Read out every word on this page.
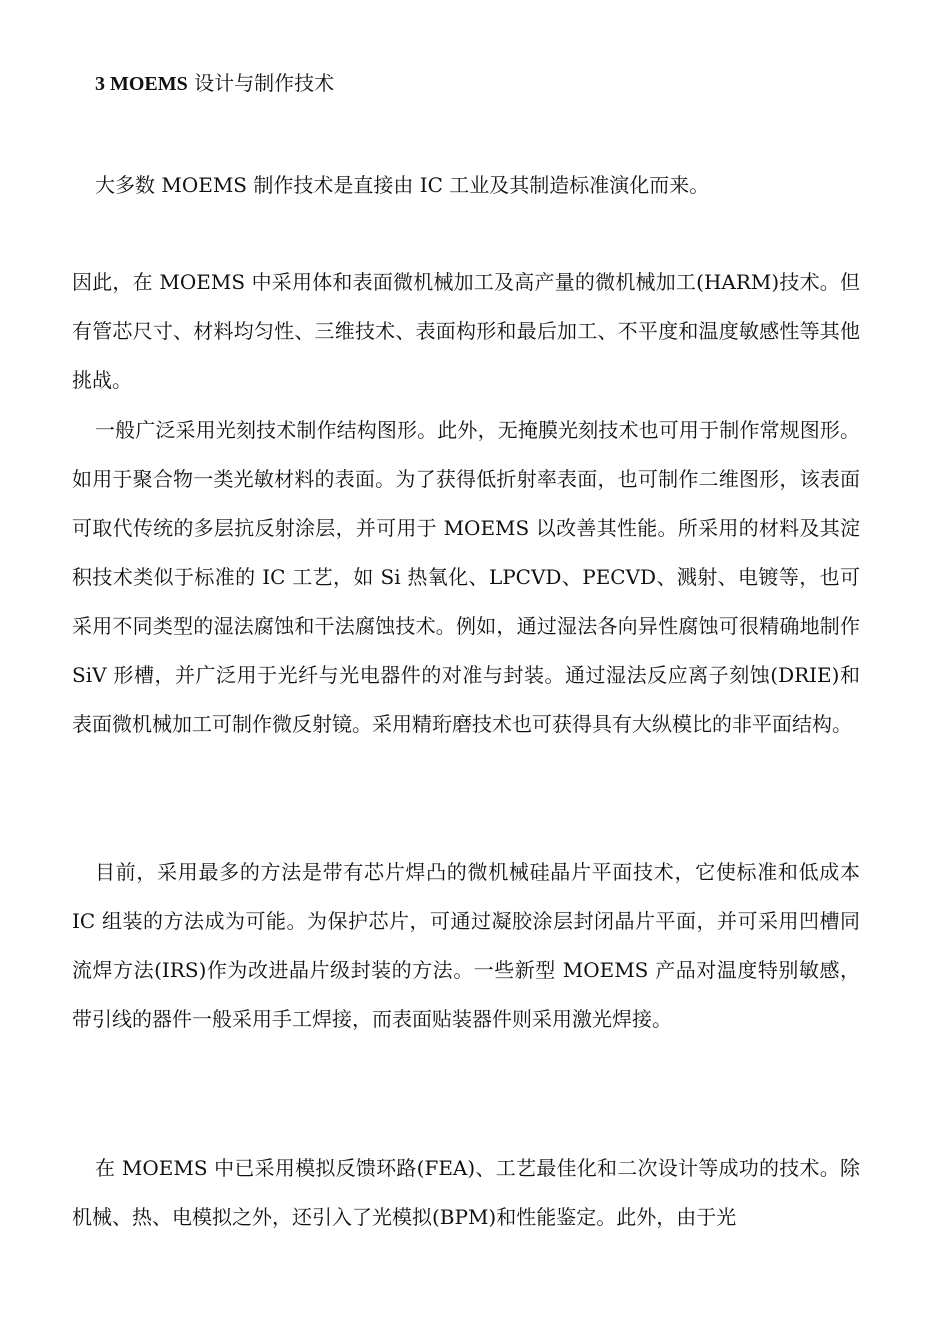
3 MOEMS 设计与制作技术

大多数 MOEMS 制作技术是直接由 IC 工业及其制造标准演化而来。

因此，在 MOEMS 中采用体和表面微机械加工及高产量的微机械加工(HARM)技术。但有管芯尺寸、材料均匀性、三维技术、表面构形和最后加工、不平度和温度敏感性等其他挑战。

一般广泛采用光刻技术制作结构图形。此外，无掩膜光刻技术也可用于制作常规图形。如用于聚合物一类光敏材料的表面。为了获得低折射率表面，也可制作二维图形，该表面可取代传统的多层抗反射涂层，并可用于 MOEMS 以改善其性能。所采用的材料及其淀积技术类似于标准的 IC 工艺，如 Si 热氧化、LPCVD、PECVD、溅射、电镀等，也可采用不同类型的湿法腐蚀和干法腐蚀技术。例如，通过湿法各向异性腐蚀可很精确地制作 SiV 形槽，并广泛用于光纤与光电器件的对准与封装。通过湿法反应离子刻蚀(DRIE)和表面微机械加工可制作微反射镜。采用精珩磨技术也可获得具有大纵模比的非平面结构。

目前，采用最多的方法是带有芯片焊凸的微机械硅晶片平面技术，它使标准和低成本 IC 组装的方法成为可能。为保护芯片，可通过凝胶涂层封闭晶片平面，并可采用凹槽同流焊方法(IRS)作为改进晶片级封装的方法。一些新型 MOEMS 产品对温度特别敏感，带引线的器件一般采用手工焊接，而表面贴装器件则采用激光焊接。

在 MOEMS 中已采用模拟反馈环路(FEA)、工艺最佳化和二次设计等成功的技术。除机械、热、电模拟之外，还引入了光模拟(BPM)和性能鉴定。此外，由于光
